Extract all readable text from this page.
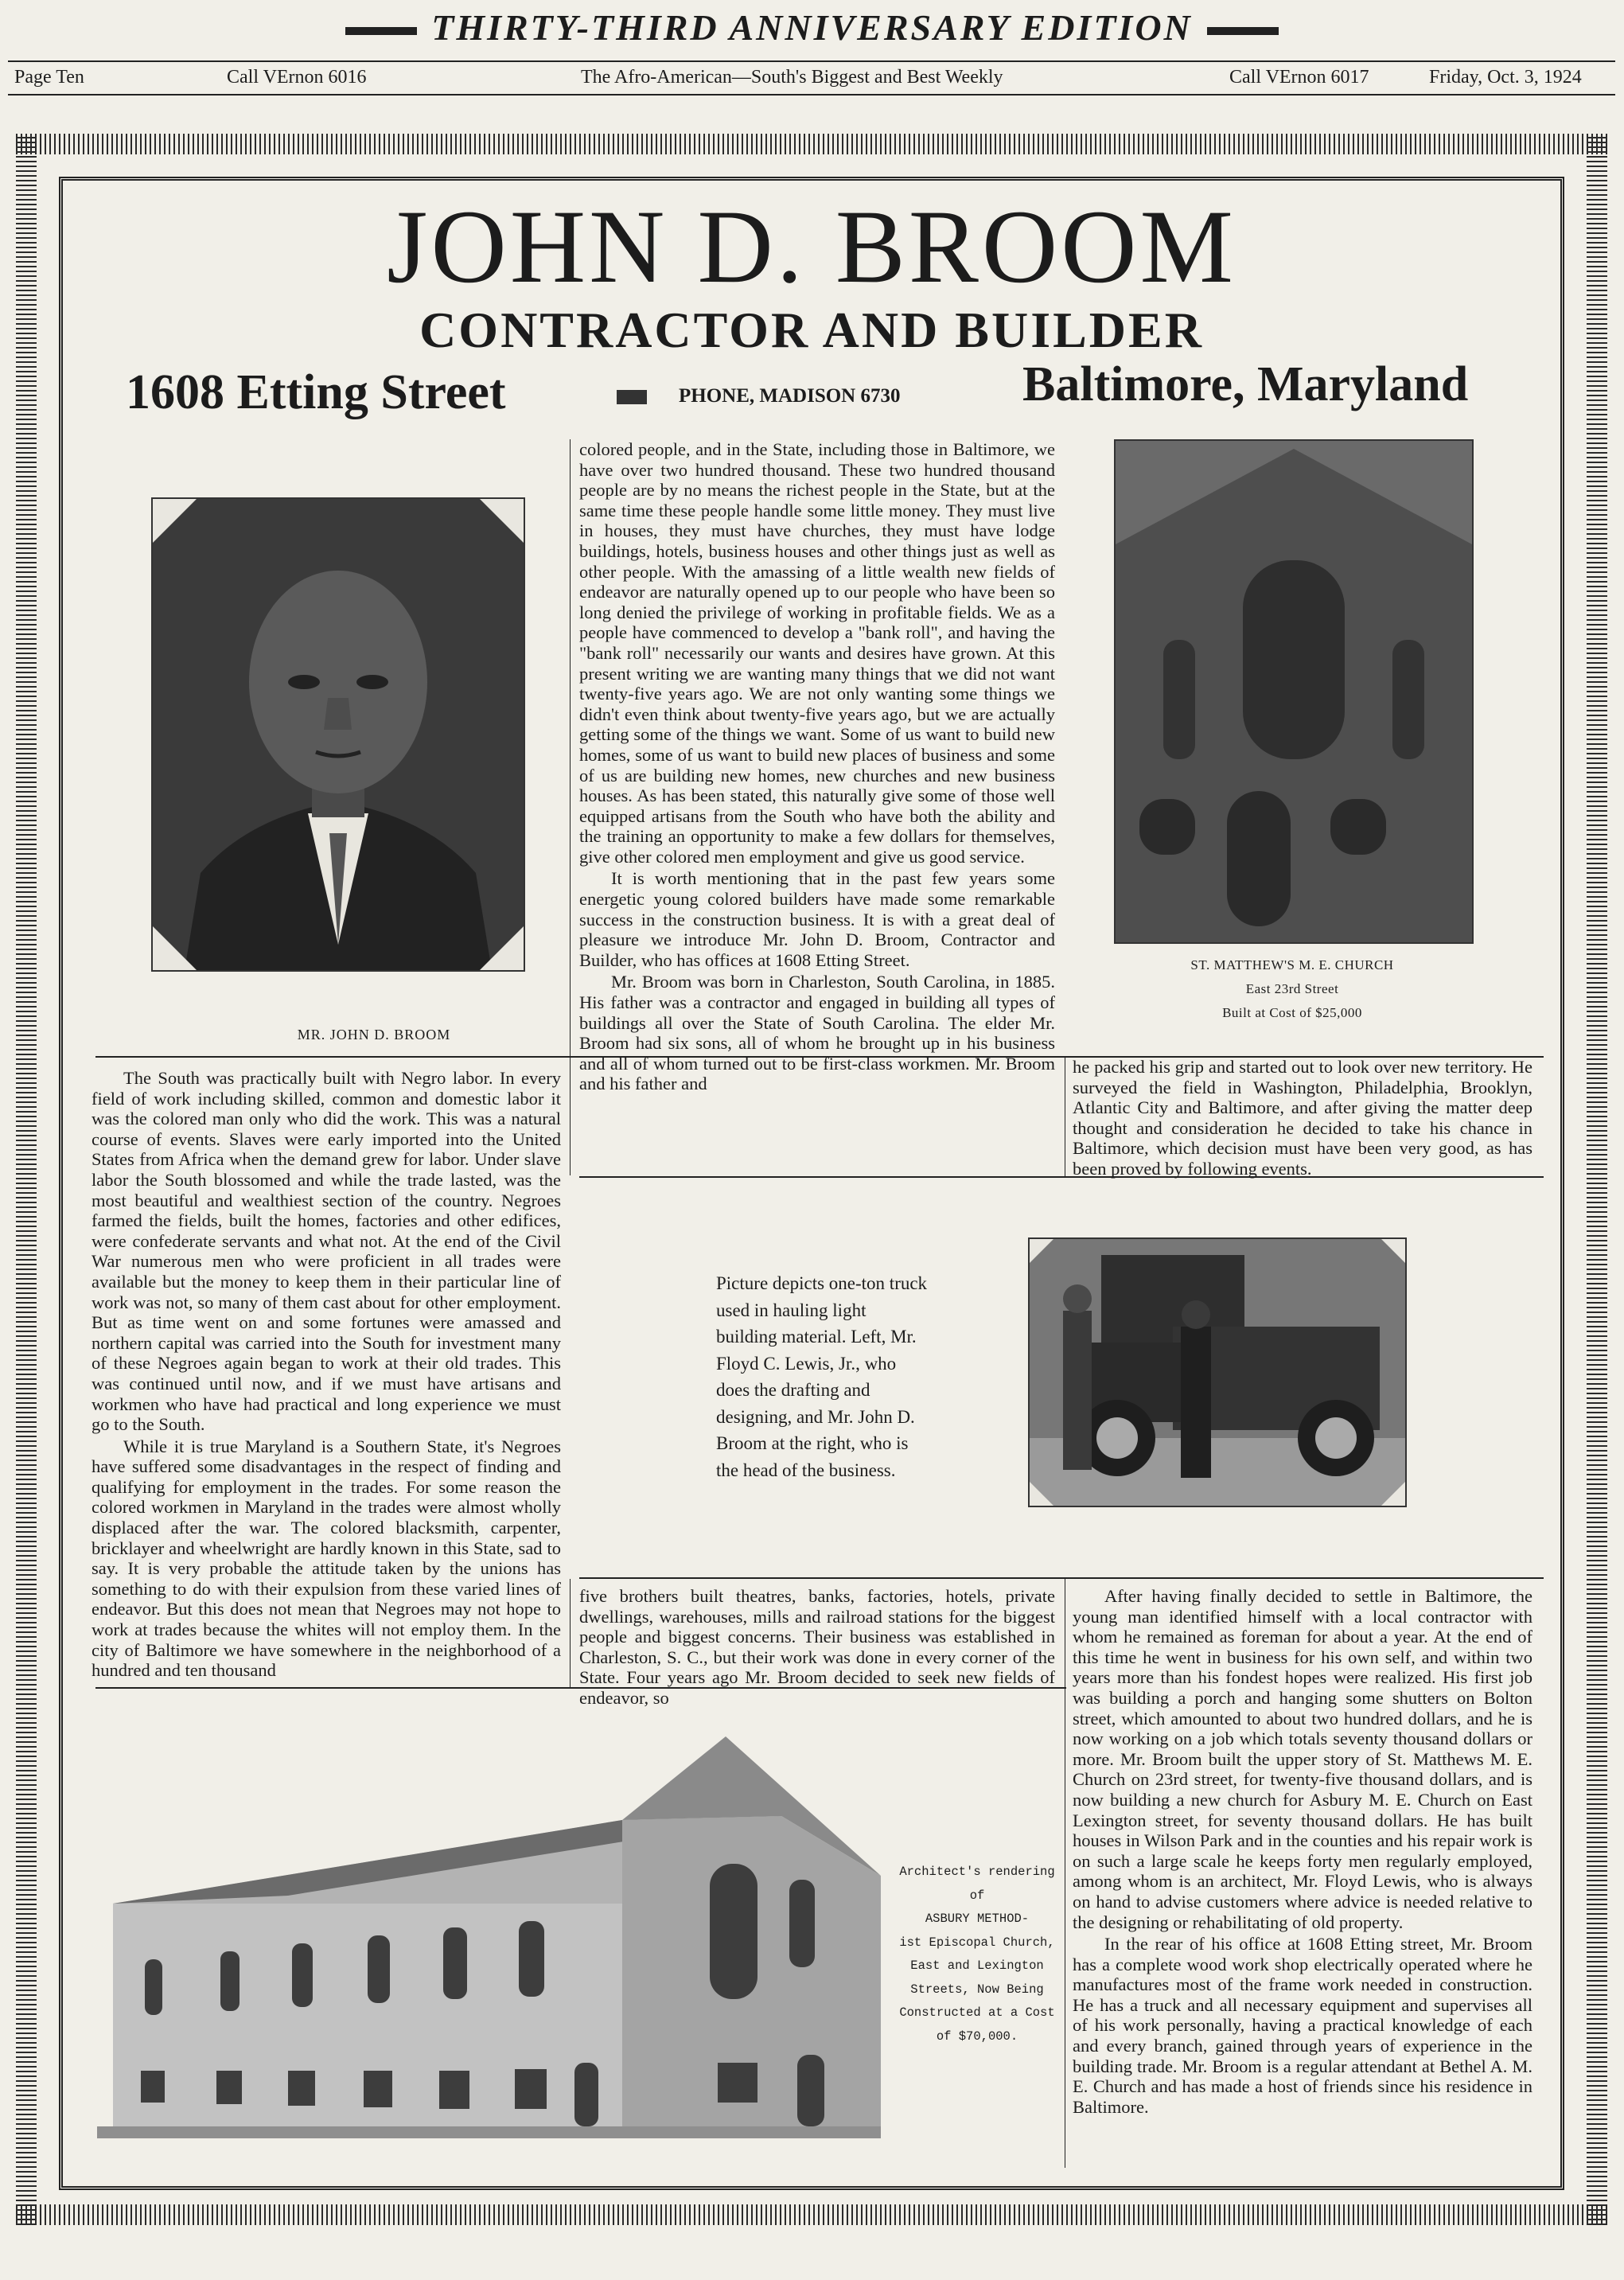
THIRTY-THIRD ANNIVERSARY EDITION
Page Ten	Call VErnon 6016	The Afro-American—South's Biggest and Best Weekly	Call VErnon 6017	Friday, Oct. 3, 1924
JOHN D. BROOM
CONTRACTOR AND BUILDER
1608 Etting Street	PHONE, MADISON 6730 Baltimore, Maryland
MR. JOHN D. BROOM
ST. MATTHEW'S M. E. CHURCH
East 23rd Street
Built at Cost of $25,000

The South was practically built with Negro labor. In every field of work including skilled, common and domestic labor it was the colored man only who did the work. This was a natural course of events. Slaves were early imported into the United States from Africa when the demand grew for labor. Under slave labor the South blossomed and while the trade lasted, was the most beautiful and wealthiest section of the country. Negroes farmed the fields, built the homes, factories and other edifices, were confederate servants and what not. At the end of the Civil War numerous men who were proficient in all trades were available but the money to keep them in their particular line of work was not, so many of them cast about for other employment. But as time went on and some fortunes were amassed and northern capital was carried into the South for investment many of these Negroes again began to work at their old trades. This was continued until now, and if we must have artisans and workmen who have had practical and long experience we must go to the South.

While it is true Maryland is a Southern State, it's Negroes have suffered some disadvantages in the respect of finding and qualifying for employment in the trades. For some reason the colored workmen in Maryland in the trades were almost wholly displaced after the war. The colored blacksmith, carpenter, bricklayer and wheelwright are hardly known in this State, sad to say. It is very probable the attitude taken by the unions has something to do with their expulsion from these varied lines of endeavor. But this does not mean that Negroes may not hope to work at trades because the whites will not employ them. In the city of Baltimore we have somewhere in the neighborhood of a hundred and ten thousand

colored people, and in the State, including those in Baltimore, we have over two hundred thousand. These two hundred thousand people are by no means the richest people in the State, but at the same time these people handle some little money. They must live in houses, they must have churches, they must have lodge buildings, hotels, business houses and other things just as well as other people. With the amassing of a little wealth new fields of endeavor are naturally opened up to our people who have been so long denied the privilege of working in profitable fields. We as a people have commenced to develop a "bank roll", and having the "bank roll" necessarily our wants and desires have grown. At this present writing we are wanting many things that we did not want twenty-five years ago. We are not only wanting some things we didn't even think about twenty-five years ago, but we are actually getting some of the things we want. Some of us want to build new homes, some of us want to build new places of business and some of us are building new homes, new churches and new business houses. As has been stated, this naturally give some of those well equipped artisans from the South who have both the ability and the training an opportunity to make a few dollars for themselves, give other colored men employment and give us good service.

It is worth mentioning that in the past few years some energetic young colored builders have made some remarkable success in the construction business. It is with a great deal of pleasure we introduce Mr. John D. Broom, Contractor and Builder, who has offices at 1608 Etting Street.

Mr. Broom was born in Charleston, South Carolina, in 1885. His father was a contractor and engaged in building all types of buildings all over the State of South Carolina. The elder Mr. Broom had six sons, all of whom he brought up in his business and all of whom turned out to be first-class workmen. Mr. Broom and his father and

he packed his grip and started out to look over new territory. He surveyed the field in Washington, Philadelphia, Brooklyn, Atlantic City and Baltimore, and after giving the matter deep thought and consideration he decided to take his chance in Baltimore, which decision must have been very good, as has been proved by following events.

five brothers built theatres, banks, factories, hotels, private dwellings, warehouses, mills and railroad stations for the biggest people and biggest concerns. Their business was established in Charleston, S. C., but their work was done in every corner of the State. Four years ago Mr. Broom decided to seek new fields of endeavor, so

After having finally decided to settle in Baltimore, the young man identified himself with a local contractor with whom he remained as foreman for about a year. At the end of this time he went in business for his own self, and within two years more than his fondest hopes were realized. His first job was building a porch and hanging some shutters on Bolton street, which amounted to about two hundred dollars, and he is now working on a job which totals seventy thousand dollars or more. Mr. Broom built the upper story of St. Matthews M. E. Church on 23rd street, for twenty-five thousand dollars, and is now building a new church for Asbury M. E. Church on East Lexington street, for seventy thousand dollars. He has built houses in Wilson Park and in the counties and his repair work is on such a large scale he keeps forty men regularly employed, among whom is an architect, Mr. Floyd Lewis, who is always on hand to advise customers where advice is needed relative to the designing or rehabilitating of old property.

In the rear of his office at 1608 Etting street, Mr. Broom has a complete wood work shop electrically operated where he manufactures most of the frame work needed in construction. He has a truck and all necessary equipment and supervises all of his work personally, having a practical knowledge of each and every branch, gained through years of experience in the building trade. Mr. Broom is a regular attendant at Bethel A. M. E. Church and has made a host of friends since his residence in Baltimore.

Picture depicts one-ton truck used in hauling light building material. Left, Mr. Floyd C. Lewis, Jr., who does the drafting and designing, and Mr. John D. Broom at the right, who is the head of the business.
Architect's rendering
of
ASBURY METHOD-
ist Episcopal Church,
East and Lexington
Streets, Now Being
Constructed at a Cost
of $70,000.
